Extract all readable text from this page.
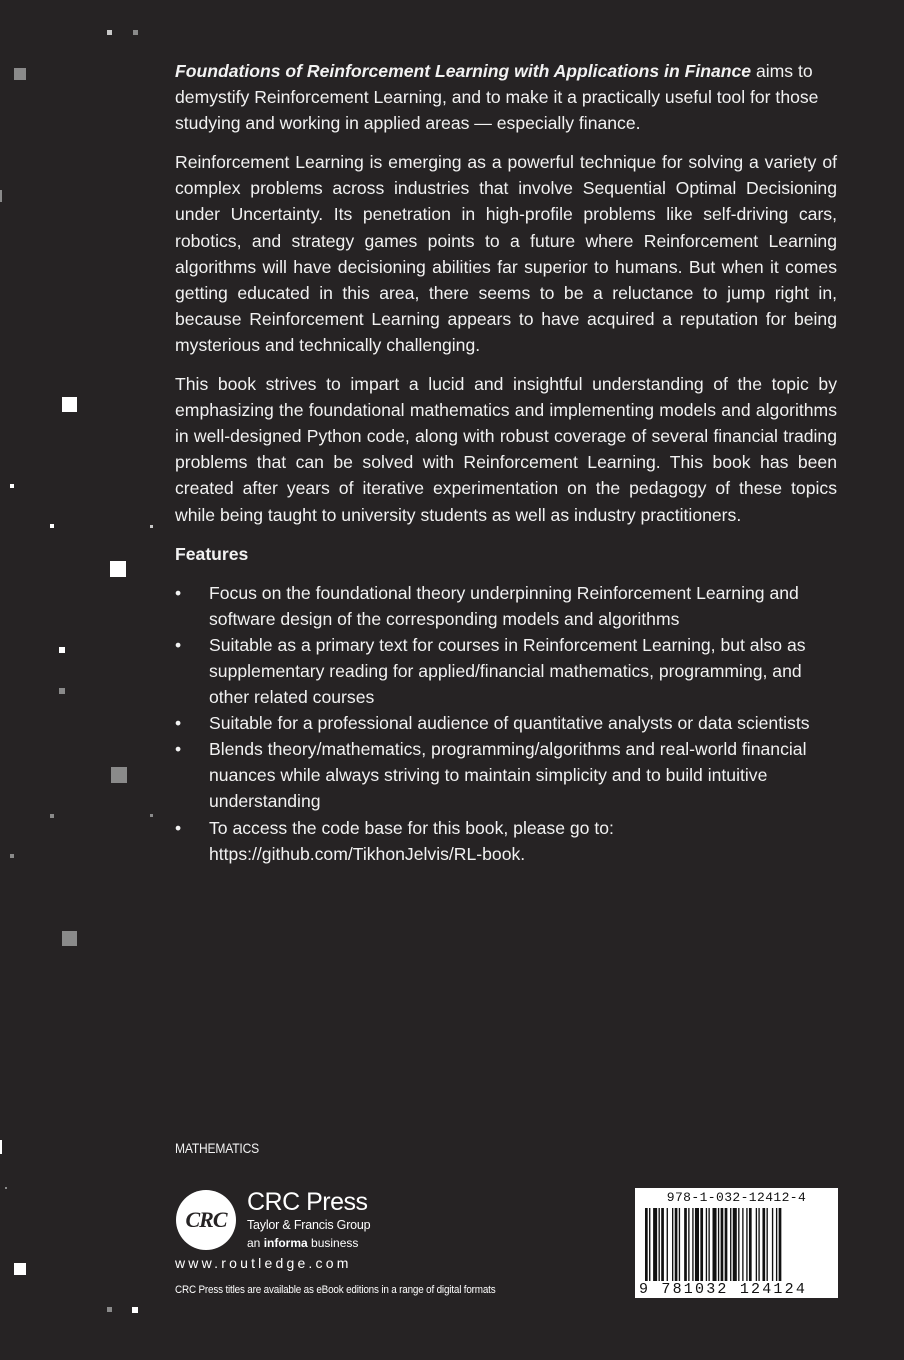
Foundations of Reinforcement Learning with Applications in Finance aims to demystify Reinforcement Learning, and to make it a practically useful tool for those studying and working in applied areas — especially finance.

Reinforcement Learning is emerging as a powerful technique for solving a variety of complex problems across industries that involve Sequential Optimal Decisioning under Uncertainty. Its penetration in high-profile problems like self-driving cars, robotics, and strategy games points to a future where Reinforcement Learning algorithms will have decisioning abilities far superior to humans. But when it comes getting educated in this area, there seems to be a reluctance to jump right in, because Reinforcement Learning appears to have acquired a reputation for being mysterious and technically challenging.

This book strives to impart a lucid and insightful understanding of the topic by emphasizing the foundational mathematics and implementing models and algorithms in well-designed Python code, along with robust coverage of several financial trading problems that can be solved with Reinforcement Learning. This book has been created after years of iterative experimentation on the pedagogy of these topics while being taught to university students as well as industry practitioners.

Features

• Focus on the foundational theory underpinning Reinforcement Learning and software design of the corresponding models and algorithms
• Suitable as a primary text for courses in Reinforcement Learning, but also as supplementary reading for applied/financial mathematics, programming, and other related courses
• Suitable for a professional audience of quantitative analysts or data scientists
• Blends theory/mathematics, programming/algorithms and real-world financial nuances while always striving to maintain simplicity and to build intuitive understanding
• To access the code base for this book, please go to: https://github.com/TikhonJelvis/RL-book.
MATHEMATICS
CRC
CRC Press
Taylor & Francis Group
an informa business
www.routledge.com
CRC Press titles are available as eBook editions in a range of digital formats
978-1-032-12412-4
9 781032 124124
